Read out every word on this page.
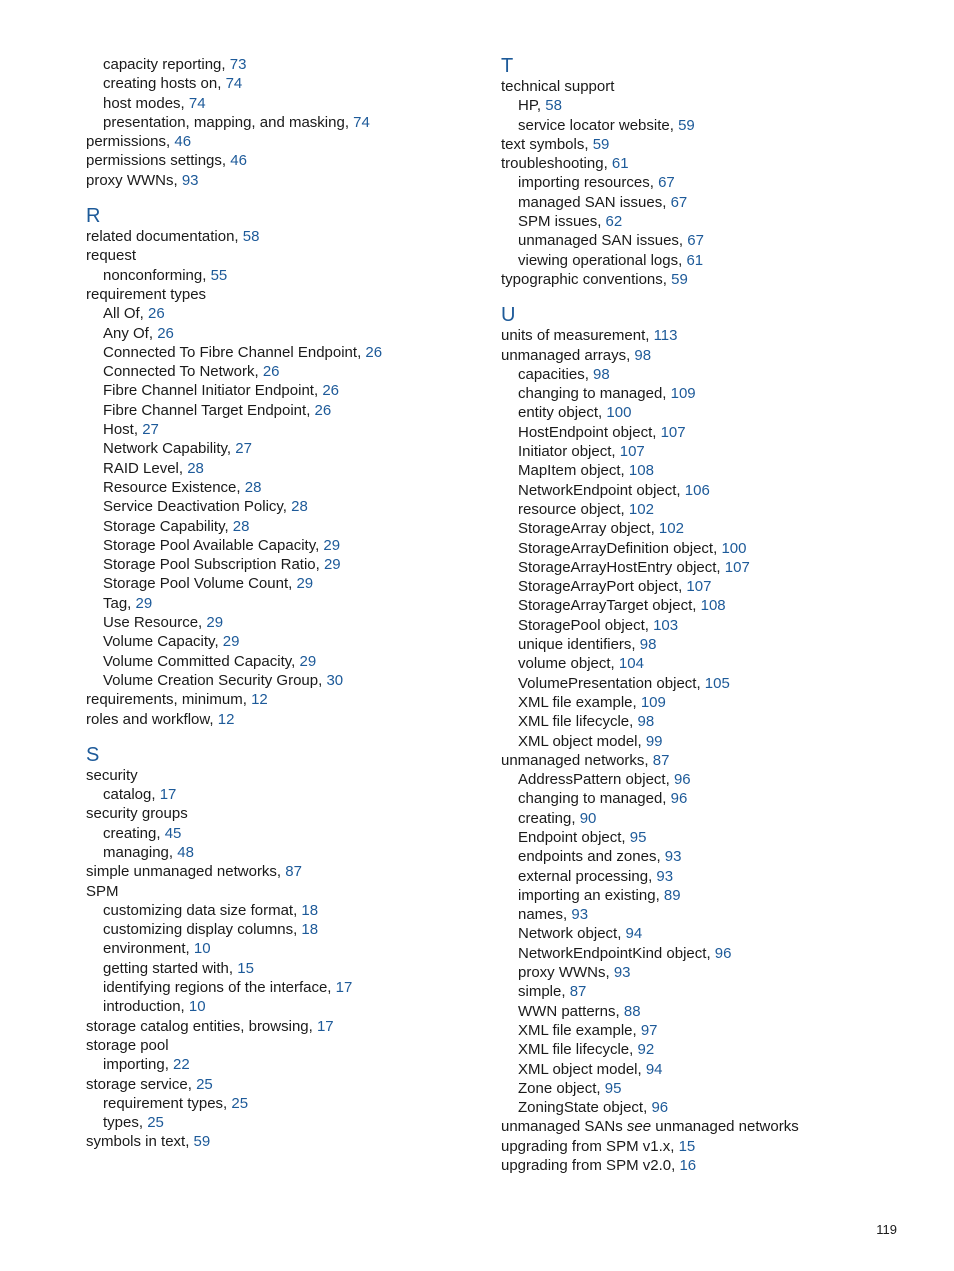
capacity reporting, 73
creating hosts on, 74
host modes, 74
presentation, mapping, and masking, 74
permissions, 46
permissions settings, 46
proxy WWNs, 93
R
related documentation, 58
request
nonconforming, 55
requirement types
All Of, 26
Any Of, 26
Connected To Fibre Channel Endpoint, 26
Connected To Network, 26
Fibre Channel Initiator Endpoint, 26
Fibre Channel Target Endpoint, 26
Host, 27
Network Capability, 27
RAID Level, 28
Resource Existence, 28
Service Deactivation Policy, 28
Storage Capability, 28
Storage Pool Available Capacity, 29
Storage Pool Subscription Ratio, 29
Storage Pool Volume Count, 29
Tag, 29
Use Resource, 29
Volume Capacity, 29
Volume Committed Capacity, 29
Volume Creation Security Group, 30
requirements, minimum, 12
roles and workflow, 12
S
security
catalog, 17
security groups
creating, 45
managing, 48
simple unmanaged networks, 87
SPM
customizing data size format, 18
customizing display columns, 18
environment, 10
getting started with, 15
identifying regions of the interface, 17
introduction, 10
storage catalog entities, browsing, 17
storage pool
importing, 22
storage service, 25
requirement types, 25
types, 25
symbols in text, 59
T
technical support
HP, 58
service locator website, 59
text symbols, 59
troubleshooting, 61
importing resources, 67
managed SAN issues, 67
SPM issues, 62
unmanaged SAN issues, 67
viewing operational logs, 61
typographic conventions, 59
U
units of measurement, 113
unmanaged arrays, 98
capacities, 98
changing to managed, 109
entity object, 100
HostEndpoint object, 107
Initiator object, 107
MapItem object, 108
NetworkEndpoint object, 106
resource object, 102
StorageArray object, 102
StorageArrayDefinition object, 100
StorageArrayHostEntry object, 107
StorageArrayPort object, 107
StorageArrayTarget object, 108
StoragePool object, 103
unique identifiers, 98
volume object, 104
VolumePresentation object, 105
XML file example, 109
XML file lifecycle, 98
XML object model, 99
unmanaged networks, 87
AddressPattern object, 96
changing to managed, 96
creating, 90
Endpoint object, 95
endpoints and zones, 93
external processing, 93
importing an existing, 89
names, 93
Network object, 94
NetworkEndpointKind object, 96
proxy WWNs, 93
simple, 87
WWN patterns, 88
XML file example, 97
XML file lifecycle, 92
XML object model, 94
Zone object, 95
ZoningState object, 96
unmanaged SANs see unmanaged networks
upgrading from SPM v1.x, 15
upgrading from SPM v2.0, 16
119
